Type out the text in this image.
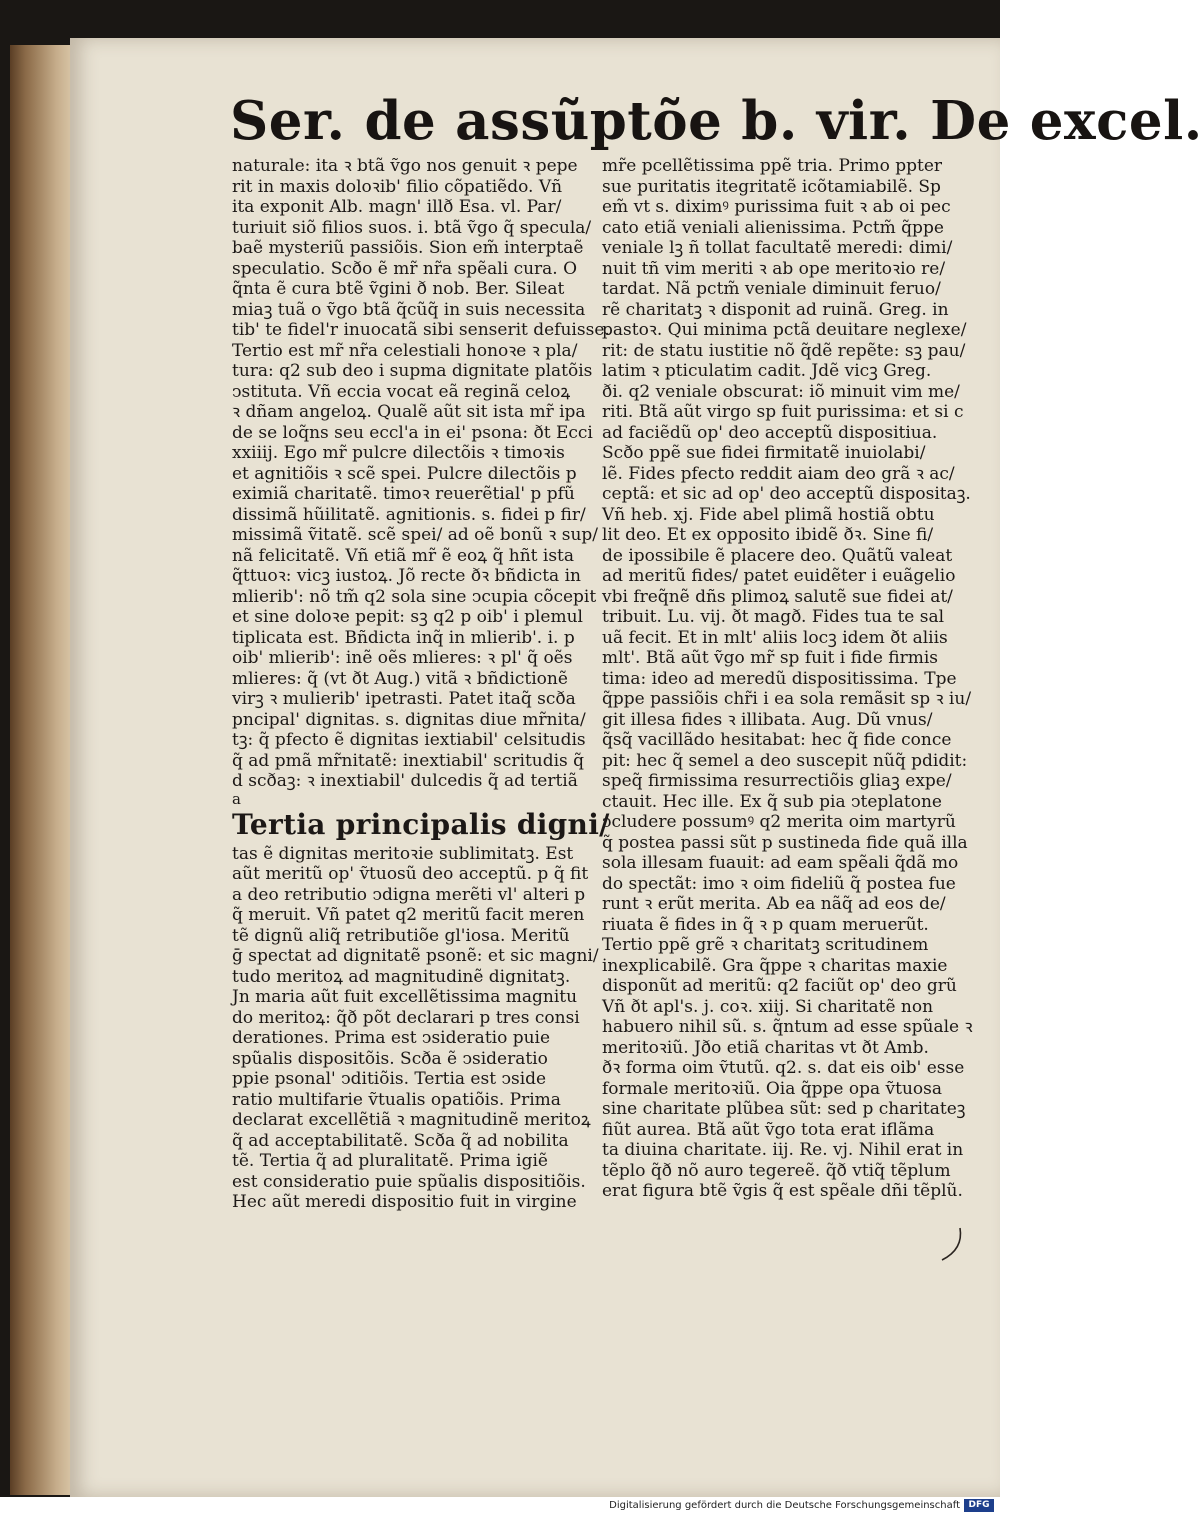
Ser. de assũptõe b. vir. De excel.
naturale: ita ꝛ btã ṽgo nos genuit ꝛ pepe
rit in maxis doloꝛib' filio cõpatiẽdo. Vñ
ita exponit Alb. magn' illð Esa. vl. Par/
turiuit siõ filios suos. i. btã ṽgo q̃ specula/
baẽ mysteriũ passiõis. Sion em̃ interptaẽ
speculatio. Scðo ẽ mr̃ nr̃a spẽali cura. O
q̃nta ẽ cura btẽ ṽgini ð nob. Ber. Sileat
miaꝫ tuã o ṽgo btã q̃cũq̃ in suis necessita
tib' te fidel'r inuocatã sibi senserit defuisse.
Tertio est mr̃ nr̃a celestiali honoꝛe ꝛ pla/
tura: q2 sub deo i supma dignitate platõis
ↄstituta. Vñ eccia vocat eã reginã celoꝝ
ꝛ dñam angeloꝝ. Qualẽ aũt sit ista mr̃ ipa
de se loq̃ns seu eccl'a in ei' psona: ðt Ecci
xxiiij. Ego mr̃ pulcre dilectõis ꝛ timoꝛis
et agnitiõis ꝛ scẽ spei. Pulcre dilectõis p
eximiã charitatẽ. timoꝛ reuerẽtial' p pfũ
dissimã hũilitatẽ. agnitionis. s. fidei p fir/
missimã ṽitatẽ. scẽ spei/ ad oẽ bonũ ꝛ sup/
nã felicitatẽ. Vñ etiã mr̃ ẽ eoꝝ q̃ hñt ista
q̃ttuoꝛ: vicꝫ iustoꝝ. Jõ recte ðꝛ bñdicta in
mlierib': nõ tm̃ q2 sola sine ↄcupia cõcepit
et sine doloꝛe pepit: sꝫ q2 p oib' i plemul
tiplicata est. Bñdicta inq̃ in mlierib'. i. p
oib' mlierib': inẽ oẽs mlieres: ꝛ pl' q̃ oẽs
mlieres: q̃ (vt ðt Aug.) vitã ꝛ bñdictionẽ
virꝫ ꝛ mulierib' ipetrasti. Patet itaq̃ scða
pncipal' dignitas. s. dignitas diue mr̃nita/
tꝫ: q̃ pfecto ẽ dignitas iextiabil' celsitudis
q̃ ad pmã mr̃nitatẽ: inextiabil' scritudis q̃
d scðaꝫ: ꝛ inextiabil' dulcedis q̃ ad tertiã
a
Tertia principalis digni/
tas ẽ dignitas meritoꝛie sublimitatꝫ. Est
aũt meritũ op' ṽtuosũ deo acceptũ. p q̃ fit
a deo retributio ↄdigna merẽti vl' alteri p
q̃ meruit. Vñ patet q2 meritũ facit meren
tẽ dignũ aliq̃ retributiõe gl'iosa. Meritũ
ḡ spectat ad dignitatẽ psonẽ: et sic magni/
tudo meritoꝝ ad magnitudinẽ dignitatꝫ.
Jn maria aũt fuit excellẽtissima magnitu
do meritoꝝ: q̃ð põt declarari p tres consi
derationes. Prima est ↄsideratio puie
spũalis dispositõis. Scða ẽ ↄsideratio
ppie psonal' ↄditiõis. Tertia est ↄside
ratio multifarie ṽtualis opatiõis. Prima
declarat excellẽtiã ꝛ magnitudinẽ meritoꝝ
q̃ ad acceptabilitatẽ. Scða q̃ ad nobilita
tẽ. Tertia q̃ ad pluralitatẽ. Prima igiẽ
est consideratio puie spũalis dispositiõis.
Hec aũt meredi dispositio fuit in virgine
mr̃e pcellẽtissima ppẽ tria. Primo ppter
sue puritatis itegritatẽ icõtamiabilẽ. Sp
em̃ vt s. diximꝰ purissima fuit ꝛ ab oi pec
cato etiã veniali alienissima. Pctm̃ q̃ppe
veniale lꝫ ñ tollat facultatẽ meredi: dimi/
nuit tñ vim meriti ꝛ ab ope meritoꝛio re/
tardat. Nã pctm̃ veniale diminuit feruo/
rẽ charitatꝫ ꝛ disponit ad ruinã. Greg. in
pastoꝛ. Qui minima pctã deuitare neglexe/
rit: de statu iustitie nõ q̃dẽ repẽte: sꝫ pau/
latim ꝛ pticulatim cadit. Jdẽ vicꝫ Greg.
ði. q2 veniale obscurat: iõ minuit vim me/
riti. Btã aũt virgo sp fuit purissima: et si c
ad faciẽdũ op' deo acceptũ dispositiua.
Scðo ppẽ sue fidei firmitatẽ inuiolabi/
lẽ. Fides pfecto reddit aiam deo grã ꝛ ac/
ceptã: et sic ad op' deo acceptũ dispositaꝫ.
Vñ heb. xj. Fide abel plimã hostiã obtu
lit deo. Et ex opposito ibidẽ ðꝛ. Sine fi/
de ipossibile ẽ placere deo. Quãtũ valeat
ad meritũ fides/ patet euidẽter i euãgelio
vbi freq̃nẽ dñs plimoꝝ salutẽ sue fidei at/
tribuit. Lu. vij. ðt magð. Fides tua te sal
uã fecit. Et in mlt' aliis locꝫ idem ðt aliis
mlt'. Btã aũt ṽgo mr̃ sp fuit i fide firmis
tima: ideo ad meredũ dispositissima. Tpe
q̃ppe passiõis chr̃i i ea sola remãsit sp ꝛ iu/
git illesa fides ꝛ illibata. Aug. Dũ vnus/
q̃sq̃ vacillãdo hesitabat: hec q̃ fide conce
pit: hec q̃ semel a deo suscepit nũq̃ pdidit:
speq̃ firmissima resurrectiõis gliaꝫ expe/
ctauit. Hec ille. Ex q̃ sub pia ↄteplatone
ↄcludere possumꝰ q2 merita oim martyrũ
q̃ postea passi sũt p sustineda fide quã illa
sola illesam fuauit: ad eam spẽali q̃dã mo
do spectãt: imo ꝛ oim fideliũ q̃ postea fue
runt ꝛ erũt merita. Ab ea nãq̃ ad eos de/
riuata ẽ fides in q̃ ꝛ p quam meruerũt.
Tertio ppẽ grẽ ꝛ charitatꝫ scritudinem
inexplicabilẽ. Gra q̃ppe ꝛ charitas maxie
disponũt ad meritũ: q2 faciũt op' deo grũ
Vñ ðt apl's. j. coꝛ. xiij. Si charitatẽ non
habuero nihil sũ. s. q̃ntum ad esse spũale ꝛ
meritoꝛiũ. Jðo etiã charitas vt ðt Amb.
ðꝛ forma oim ṽtutũ. q2. s. dat eis oib' esse
formale meritoꝛiũ. Oia q̃ppe opa ṽtuosa
sine charitate plũbea sũt: sed p charitateꝫ
fiũt aurea. Btã aũt ṽgo tota erat iflãma
ta diuina charitate. iij. Re. vj. Nihil erat in
tẽplo q̃ð nõ auro tegereẽ. q̃ð vtiq̃ tẽplum
erat figura btẽ ṽgis q̃ est spẽale dñi tẽplũ.
Digitalisierung gefördert durch die Deutsche Forschungsgemeinschaft DFG
